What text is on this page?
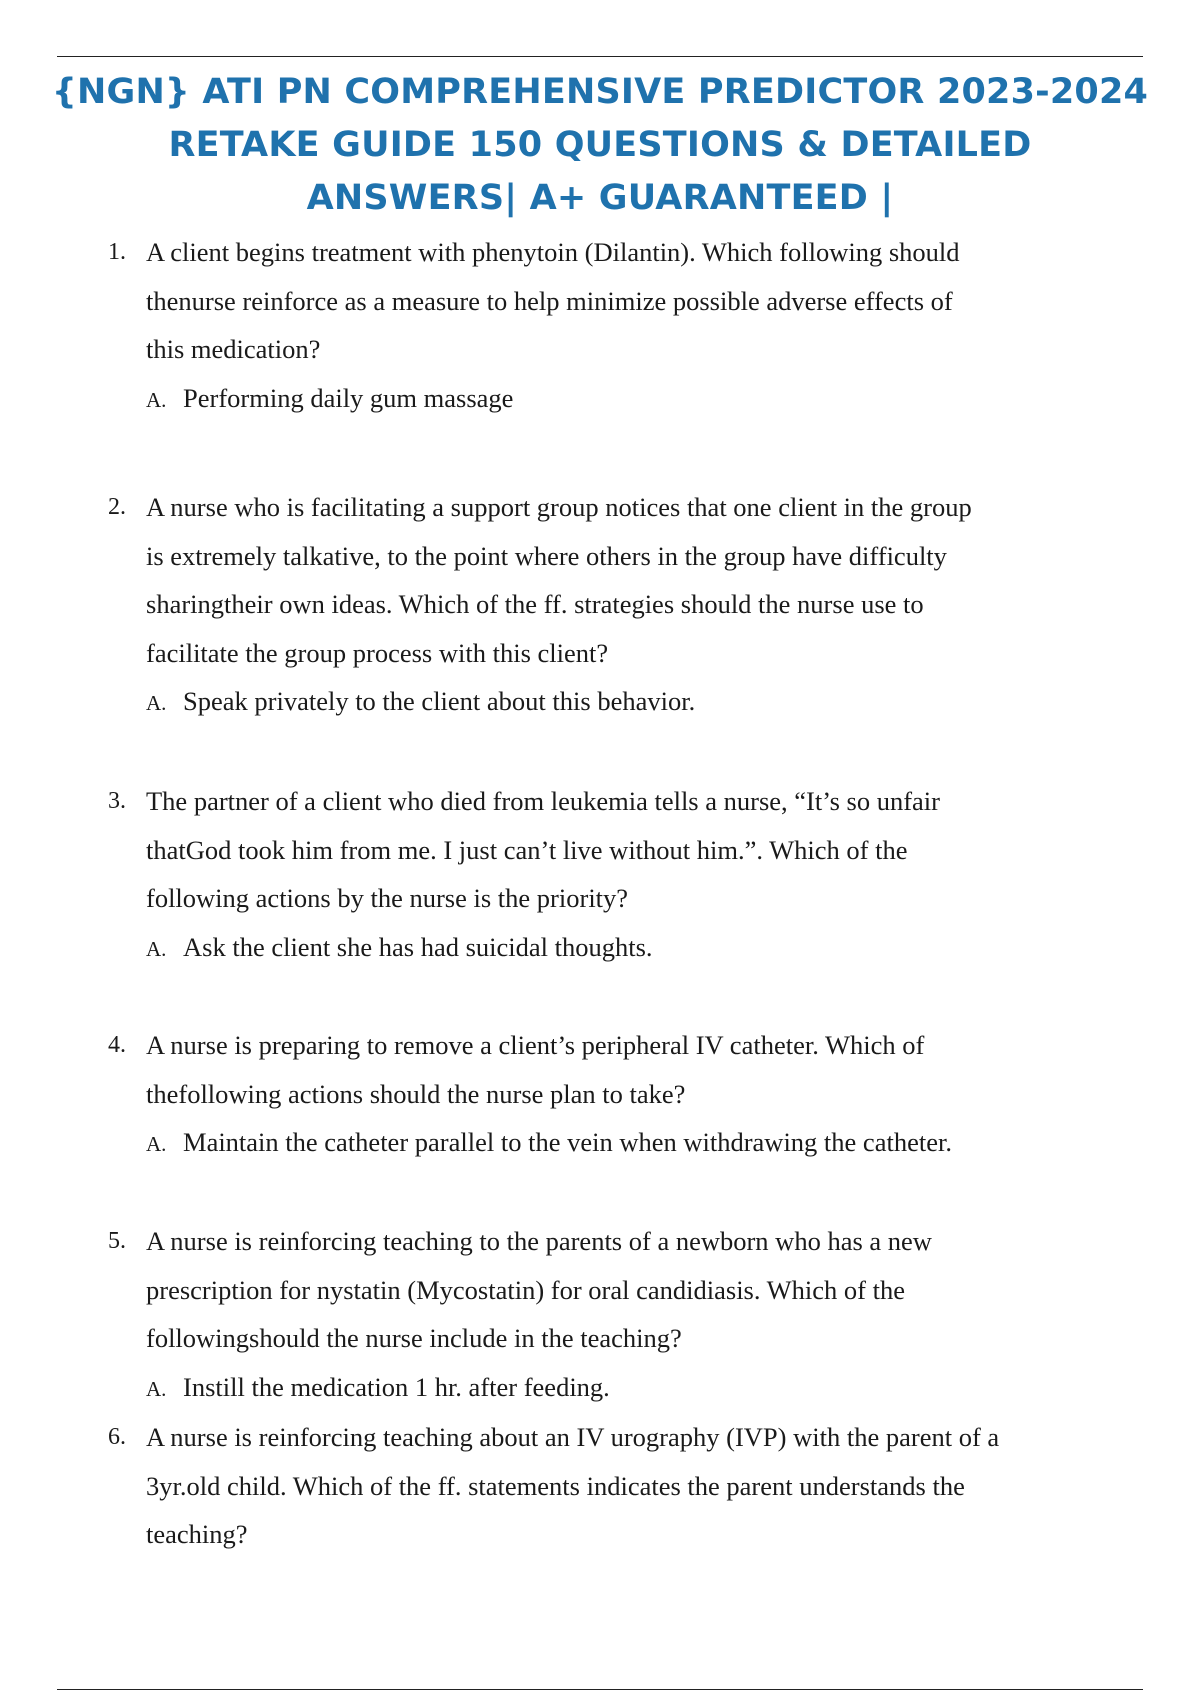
{NGN} ATI PN COMPREHENSIVE PREDICTOR 2023-2024
RETAKE GUIDE 150 QUESTIONS & DETAILED
ANSWERS| A+ GUARANTEED |
1. A client begins treatment with phenytoin (Dilantin). Which following should
thenurse reinforce as a measure to help minimize possible adverse effects of
this medication?
A. Performing daily gum massage
2. A nurse who is facilitating a support group notices that one client in the group
is extremely talkative, to the point where others in the group have difficulty
sharingtheir own ideas. Which of the ff. strategies should the nurse use to
facilitate the group process with this client?
A. Speak privately to the client about this behavior.
3. The partner of a client who died from leukemia tells a nurse, “It’s so unfair
thatGod took him from me. I just can’t live without him.”. Which of the
following actions by the nurse is the priority?
A. Ask the client she has had suicidal thoughts.
4. A nurse is preparing to remove a client’s peripheral IV catheter. Which of
thefollowing actions should the nurse plan to take?
A. Maintain the catheter parallel to the vein when withdrawing the catheter.
5. A nurse is reinforcing teaching to the parents of a newborn who has a new
prescription for nystatin (Mycostatin) for oral candidiasis. Which of the
followingshould the nurse include in the teaching?
A. Instill the medication 1 hr. after feeding.
6. A nurse is reinforcing teaching about an IV urography (IVP) with the parent of a
3yr.old child. Which of the ff. statements indicates the parent understands the
teaching?
